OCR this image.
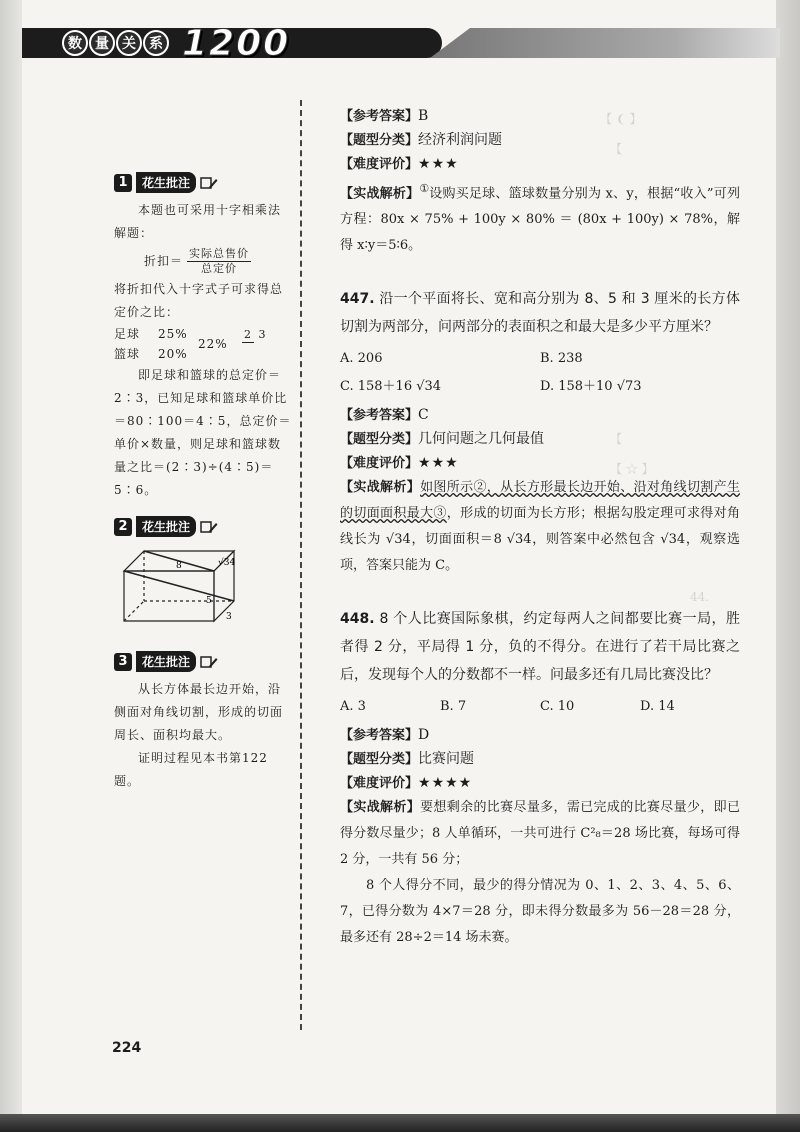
【 ❨ 】
【
【
【 ☆ 】
44.
数 量 关 系 1200
1	花生批注

本题也可采用十字相乘法解题：

折扣＝ $\frac{\text{实际总售价}}{\text{总定价}}$

将折扣代入十字式子可求得总定价之比：

足球	25%
篮球	20%
22%
2 3

即足球和篮球的总定价＝2∶3，已知足球和篮球单价比＝80∶100＝4∶5，总定价＝单价×数量，则足球和篮球数量之比＝(2∶3)÷(4∶5)＝5∶6。

2	花生批注
8	√34
5
3
3	花生批注

从长方体最长边开始，沿侧面对角线切割，形成的切面周长、面积均最大。

证明过程见本书第122题。

【参考答案】B
【题型分类】经济利润问题
【难度评价】★★★
【实战解析】①设购买足球、篮球数量分别为 x、y，根据“收入”可列方程：80x × 75% + 100y × 80% ＝ (80x + 100y) × 78%，解得 x∶y＝5∶6。
447. 沿一个平面将长、宽和高分别为 8、5 和 3 厘米的长方体切割为两部分，问两部分的表面积之和最大是多少平方厘米？
A. 206	B. 238
C. 158＋16 √34	D. 158＋10 √73
【参考答案】C
【题型分类】几何问题之几何最值
【难度评价】★★★
【实战解析】如图所示②，从长方形最长边开始、沿对角线切割产生的切面面积最大③，形成的切面为长方形；根据勾股定理可求得对角线长为 √34，切面面积＝8 √34，则答案中必然包含 √34，观察选项，答案只能为 C。
448. 8 个人比赛国际象棋，约定每两人之间都要比赛一局，胜者得 2 分，平局得 1 分，负的不得分。在进行了若干局比赛之后，发现每个人的分数都不一样。问最多还有几局比赛没比？
A. 3	B. 7	C. 10	D. 14
【参考答案】D
【题型分类】比赛问题
【难度评价】★★★★
【实战解析】要想剩余的比赛尽量多，需已完成的比赛尽量少，即已得分数尽量少；8 人单循环，一共可进行 C²₈＝28 场比赛，每场可得 2 分，一共有 56 分；
8 个人得分不同，最少的得分情况为 0、1、2、3、4、5、6、7，已得分数为 4×7＝28 分，即未得分数最多为 56－28＝28 分，最多还有 28÷2＝14 场未赛。
224
